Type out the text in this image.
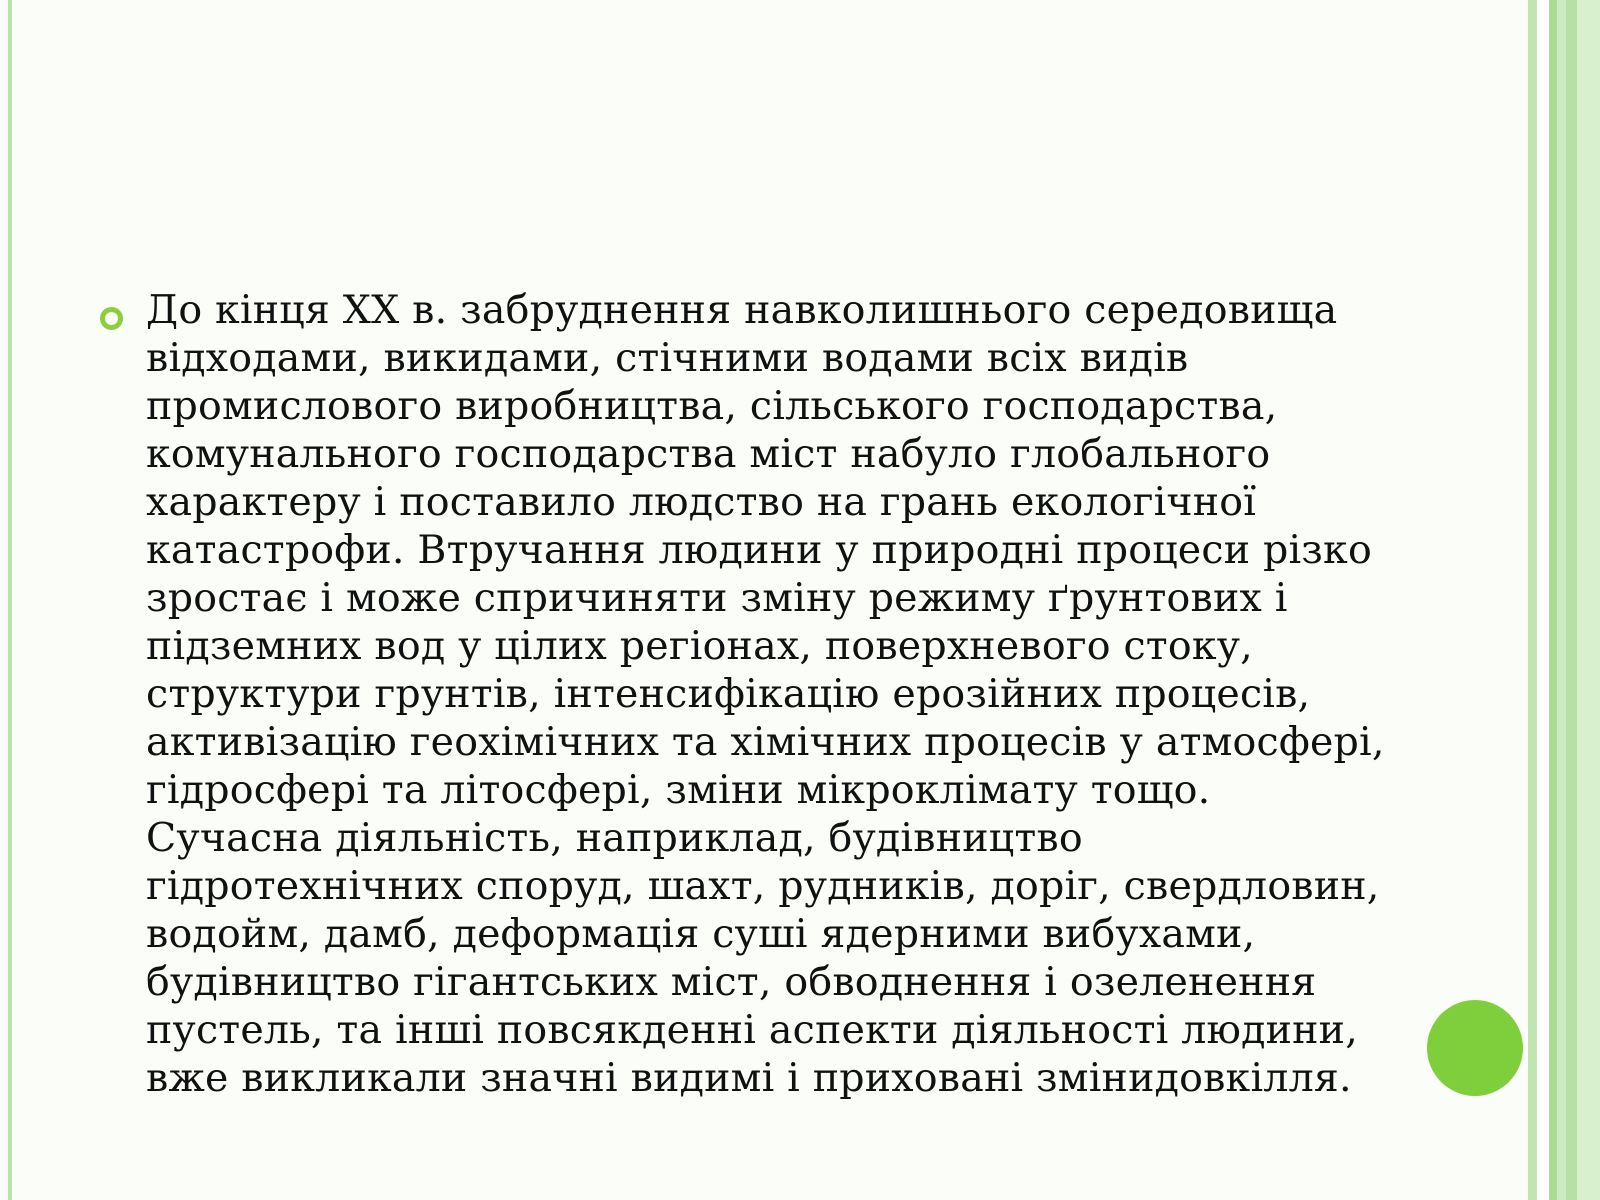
До кінця XX в. забруднення навколишнього середовища відходами, викидами, стічними водами всіх видів промислового виробництва, сільського господарства, комунального господарства міст набуло глобального характеру і поставило людство на грань екологічної катастрофи. Втручання людини у природні процеси різко зростає і може спричиняти зміну режиму ґрунтових і підземних вод у цілих регіонах, поверхневого стоку, структури грунтів, інтенсифікацію ерозійних процесів, активізацію геохімічних та хімічних процесів у атмосфері, гідросфері та літосфері, зміни мікроклімату тощо. Сучасна діяльність, наприклад, будівництво гідротехнічних споруд, шахт, рудників, доріг, свердловин, водойм, дамб, деформація суші ядерними вибухами, будівництво гігантських міст, обводнення і озеленення пустель, та інші повсякденні аспекти діяльності людини, вже викликали значні видимі і приховані змінидовкілля.
